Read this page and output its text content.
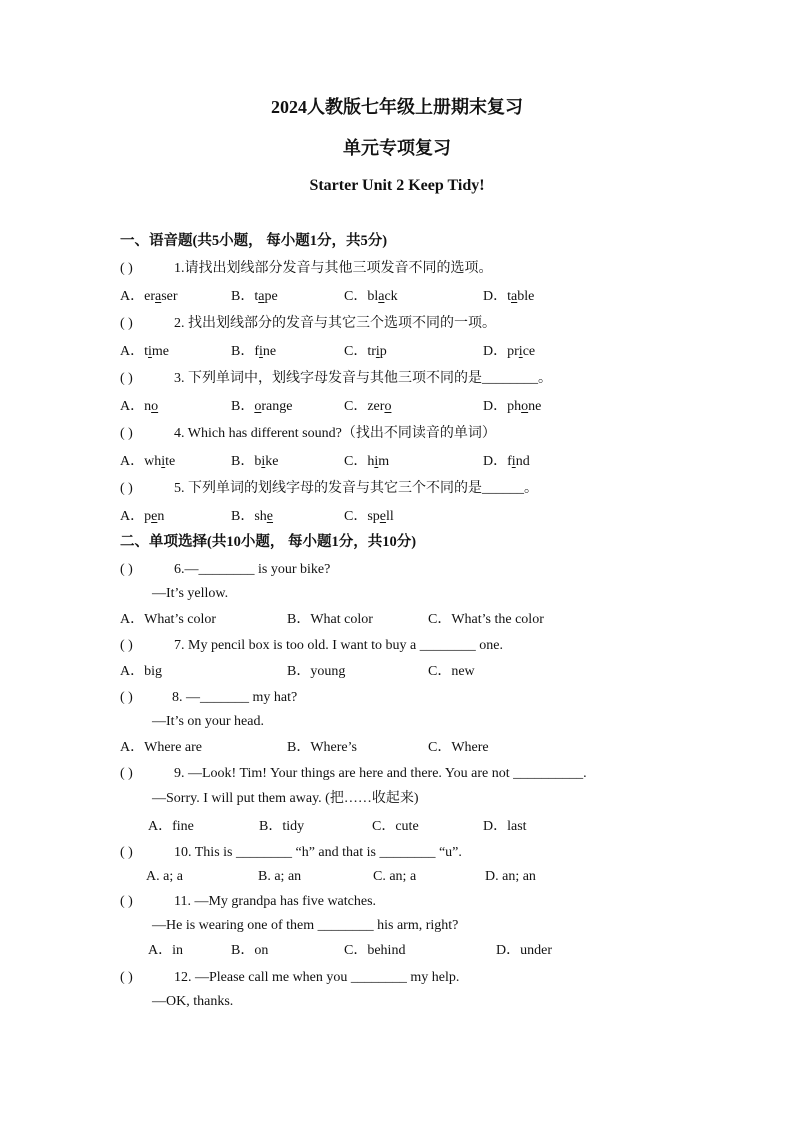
2024人教版七年级上册期末复习
单元专项复习
Starter Unit 2 Keep Tidy!
一、语音题(共5小题， 每小题1分，共5分)
( )	1.请找出划线部分发音与其他三项发音不同的选项。
A．eraser	B．tape	C．black	D．table
( )	2. 找出划线部分的发音与其它三个选项不同的一项。
A．time	B．fine	C．trip	D．price
( )	3. 下列单词中，划线字母发音与其他三项不同的是________。
A．no	B．orange	C．zero	D．phone
( )	4. Which has different sound?（找出不同读音的单词）
A．white	B．bike	C．him	D．find
( )	5. 下列单词的划线字母的发音与其它三个不同的是______。
A．pen	B．she	C．spell
二、单项选择(共10小题， 每小题1分，共10分)
( )	6.—________ is your bike?
—It’s yellow.
A．What’s color	B．What color	C．What’s the color
( )	7. My pencil box is too old. I want to buy a ________ one.
A．big	B．young	C．new
( )	8. —_______ my hat?
—It’s on your head.
A．Where are	B．Where’s	C．Where
( )	9. —Look! Tim! Your things are here and there. You are not __________.
—Sorry. I will put them away. (把……收起来)
A．fine	B．tidy	C．cute	D．last
( )	10. This is ________ “h” and that is ________ “u”.
A. a; a	B. a; an	C. an; a	D. an; an
( )	11. —My grandpa has five watches.
—He is wearing one of them ________ his arm, right?
A．in	B．on	C．behind	D．under
( )	12. —Please call me when you ________ my help.
—OK, thanks.
